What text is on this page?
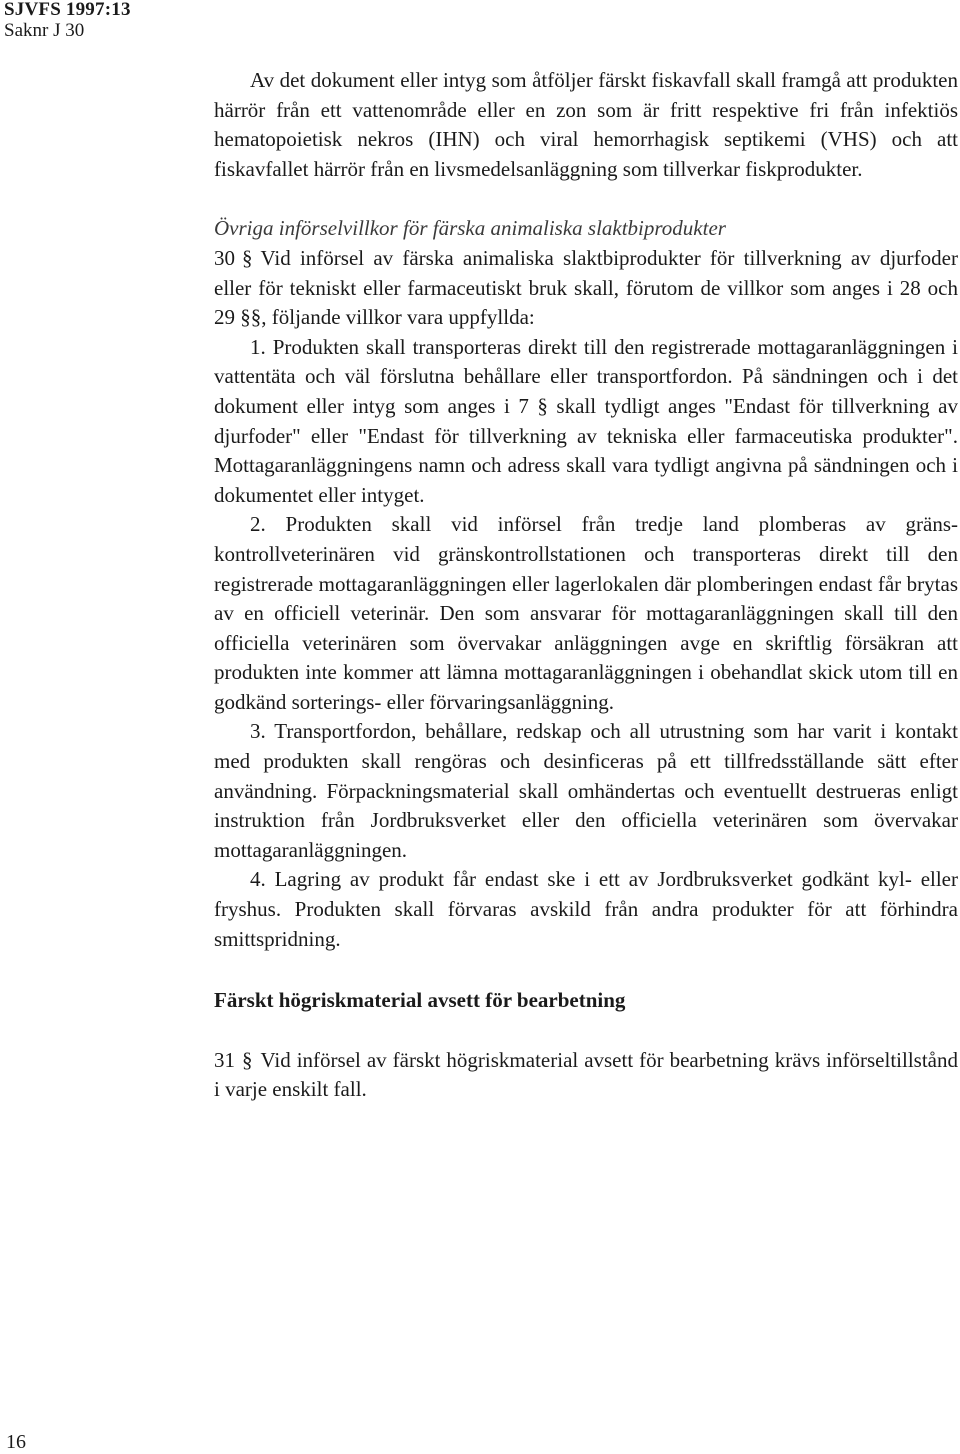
SJVFS 1997:13
Saknr J 30

Av det dokument eller intyg som åtföljer färskt fiskavfall skall framgå att produkten härrör från ett vattenområde eller en zon som är fritt respektive fri från infektiös hematopoietisk nekros (IHN) och viral hemorrhagisk septikemi (VHS) och att fiskavfallet härrör från en livsmedelsanläggning som tillverkar fiskprodukter.

Övriga införselvillkor för färska animaliska slaktbiprodukter

30 § Vid införsel av färska animaliska slaktbiprodukter för tillverkning av djurfoder eller för tekniskt eller farmaceutiskt bruk skall, förutom de villkor som anges i 28 och 29 §§, följande villkor vara uppfyllda:

1. Produkten skall transporteras direkt till den registrerade mottagaranläggningen i vattentäta och väl förslutna behållare eller transportfordon. På sändningen och i det dokument eller intyg som anges i 7 § skall tydligt anges "Endast för tillverkning av djurfoder" eller "Endast för tillverkning av tekniska eller farmaceutiska produkter". Mottagaranläggningens namn och adress skall vara tydligt angivna på sändningen och i dokumentet eller intyget.

2. Produkten skall vid införsel från tredje land plomberas av gränskontrollveterinären vid gränskontrollstationen och transporteras direkt till den registrerade mottagaranläggningen eller lagerlokalen där plomberingen endast får brytas av en officiell veterinär. Den som ansvarar för mottagaranläggningen skall till den officiella veterinären som övervakar anläggningen avge en skriftlig försäkran att produkten inte kommer att lämna mottagaranläggningen i obehandlat skick utom till en godkänd sorterings- eller förvaringsanläggning.

3. Transportfordon, behållare, redskap och all utrustning som har varit i kontakt med produkten skall rengöras och desinficeras på ett tillfredsställande sätt efter användning. Förpackningsmaterial skall omhändertas och eventuellt destrueras enligt instruktion från Jordbruksverket eller den officiella veterinären som övervakar mottagaranläggningen.

4. Lagring av produkt får endast ske i ett av Jordbruksverket godkänt kyl- eller fryshus. Produkten skall förvaras avskild från andra produkter för att förhindra smittspridning.

Färskt högriskmaterial avsett för bearbetning

31 § Vid införsel av färskt högriskmaterial avsett för bearbetning krävs införseltillstånd i varje enskilt fall.

16
